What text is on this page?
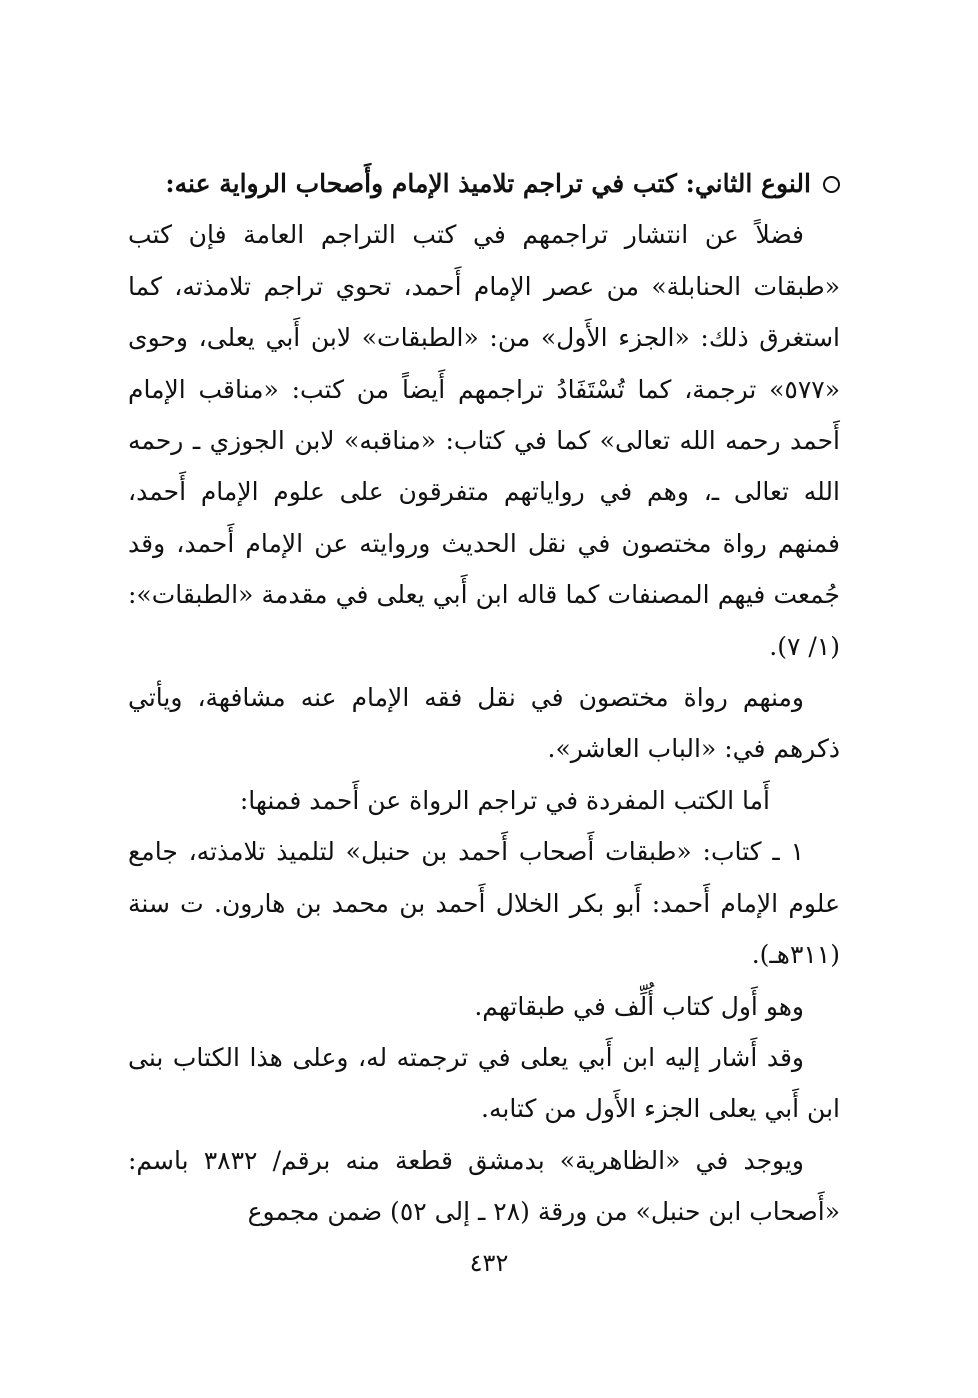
النوع الثاني: كتب في تراجم تلاميذ الإمام وأَصحاب الرواية عنه:

فضلاً عن انتشار تراجمهم في كتب التراجم العامة فإن كتب «طبقات الحنابلة» من عصر الإمام أَحمد، تحوي تراجم تلامذته، كما استغرق ذلك: «الجزء الأَول» من: «الطبقات» لابن أَبي يعلى، وحوى «٥٧٧» ترجمة، كما تُسْتَفَادُ تراجمهم أَيضاً من كتب: «مناقب الإمام أَحمد رحمه الله تعالى» كما في كتاب: «مناقبه» لابن الجوزي ـ رحمه الله تعالى ـ، وهم في رواياتهم متفرقون على علوم الإمام أَحمد، فمنهم رواة مختصون في نقل الحديث وروايته عن الإمام أَحمد، وقد جُمعت فيهم المصنفات كما قاله ابن أَبي يعلى في مقدمة «الطبقات»: (١/ ٧).

ومنهم رواة مختصون في نقل فقه الإمام عنه مشافهة، ويأتي ذكرهم في: «الباب العاشر».

أَما الكتب المفردة في تراجم الرواة عن أَحمد فمنها:

١ ـ كتاب: «طبقات أَصحاب أَحمد بن حنبل» لتلميذ تلامذته، جامع علوم الإمام أَحمد: أَبو بكر الخلال أَحمد بن محمد بن هارون. ت سنة (٣١١هـ).

وهو أَول كتاب أُلِّف في طبقاتهم.

وقد أَشار إليه ابن أَبي يعلى في ترجمته له، وعلى هذا الكتاب بنى ابن أَبي يعلى الجزء الأَول من كتابه.

ويوجد في «الظاهرية» بدمشق قطعة منه برقم/ ٣٨٣٢ باسم: «أَصحاب ابن حنبل» من ورقة (٢٨ ـ إلى ٥٢) ضمن مجموع

٤٣٢
